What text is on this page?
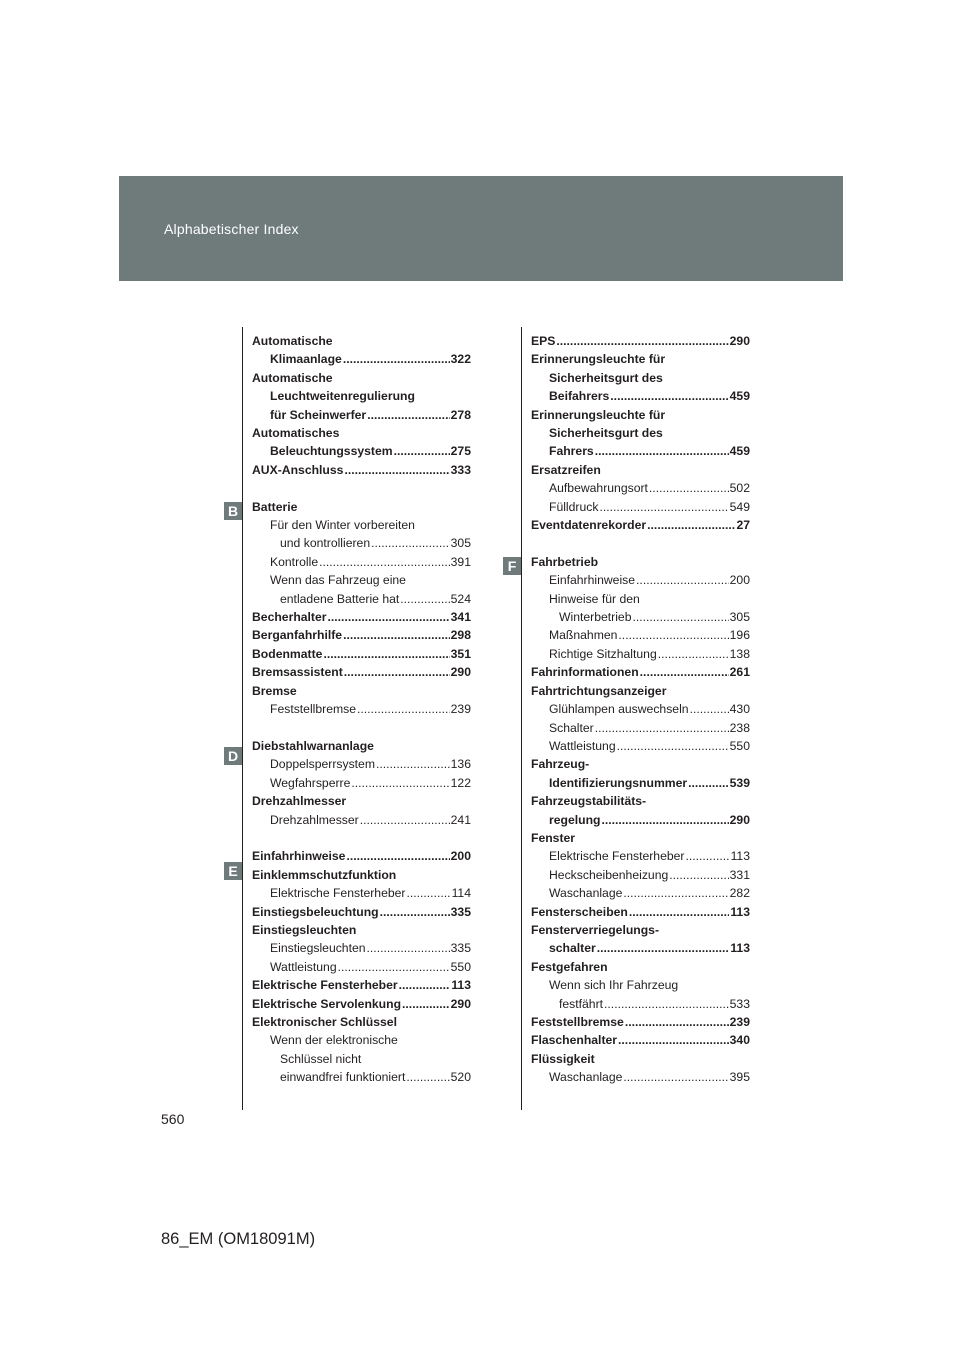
Alphabetischer Index
B
D
E
F
Automatische
Klimaanlage .....	322
Automatische
Leuchtweitenregulierung
für Scheinwerfer .....	278
Automatisches
Beleuchtungssystem .....	275
AUX-Anschluss .....	333
Batterie
Für den Winter vorbereiten
und kontrollieren .....	305
Kontrolle .....	391
Wenn das Fahrzeug eine
entladene Batterie hat .....	524
Becherhalter .....	341
Berganfahrhilfe .....	298
Bodenmatte .....	351
Bremsassistent .....	290
Bremse
Feststellbremse .....	239
Diebstahlwarnanlage
Doppelsperrsystem .....	136
Wegfahrsperre .....	122
Drehzahlmesser
Drehzahlmesser .....	241
Einfahrhinweise .....	200
Einklemmschutzfunktion
Elektrische Fensterheber .....	114
Einstiegsbeleuchtung .....	335
Einstiegsleuchten
Einstiegsleuchten .....	335
Wattleistung .....	550
Elektrische Fensterheber .....	113
Elektrische Servolenkung .....	290
Elektronischer Schlüssel
Wenn der elektronische
Schlüssel nicht
einwandfrei funktioniert .....	520
EPS .....	290
Erinnerungsleuchte für
Sicherheitsgurt des
Beifahrers .....	459
Erinnerungsleuchte für
Sicherheitsgurt des
Fahrers .....	459
Ersatzreifen
Aufbewahrungsort .....	502
Fülldruck .....	549
Eventdatenrekorder .....	27
Fahrbetrieb
Einfahrhinweise .....	200
Hinweise für den
Winterbetrieb .....	305
Maßnahmen .....	196
Richtige Sitzhaltung .....	138
Fahrinformationen .....	261
Fahrtrichtungsanzeiger
Glühlampen auswechseln .....	430
Schalter .....	238
Wattleistung .....	550
Fahrzeug-
Identifizierungsnummer .....	539
Fahrzeugstabilitäts-
regelung .....	290
Fenster
Elektrische Fensterheber .....	113
Heckscheibenheizung .....	331
Waschanlage .....	282
Fensterscheiben .....	113
Fensterverriegelungs-
schalter .....	113
Festgefahren
Wenn sich Ihr Fahrzeug
festfährt .....	533
Feststellbremse .....	239
Flaschenhalter .....	340
Flüssigkeit
Waschanlage .....	395
560
86_EM (OM18091M)
